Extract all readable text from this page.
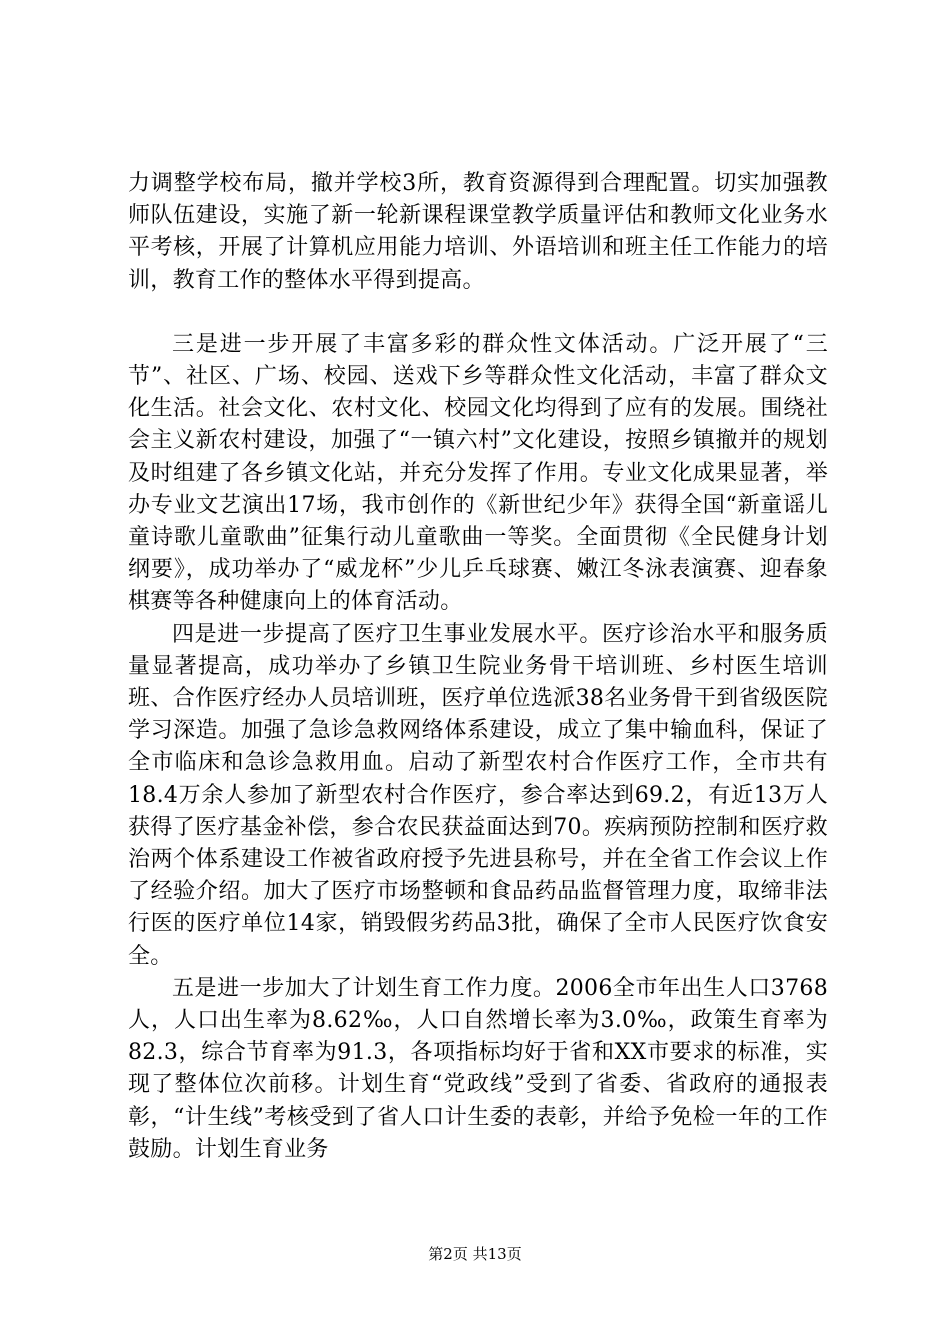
力调整学校布局，撤并学校3所，教育资源得到合理配置。切实加强教师队伍建设，实施了新一轮新课程课堂教学质量评估和教师文化业务水平考核，开展了计算机应用能力培训、外语培训和班主任工作能力的培训，教育工作的整体水平得到提高。

三是进一步开展了丰富多彩的群众性文体活动。广泛开展了“三节”、社区、广场、校园、送戏下乡等群众性文化活动，丰富了群众文化生活。社会文化、农村文化、校园文化均得到了应有的发展。围绕社会主义新农村建设，加强了“一镇六村”文化建设，按照乡镇撤并的规划及时组建了各乡镇文化站，并充分发挥了作用。专业文化成果显著，举办专业文艺演出17场，我市创作的《新世纪少年》获得全国“新童谣儿童诗歌儿童歌曲”征集行动儿童歌曲一等奖。全面贯彻《全民健身计划纲要》，成功举办了“威龙杯”少儿乒乓球赛、嫩江冬泳表演赛、迎春象棋赛等各种健康向上的体育活动。

四是进一步提高了医疗卫生事业发展水平。医疗诊治水平和服务质量显著提高，成功举办了乡镇卫生院业务骨干培训班、乡村医生培训班、合作医疗经办人员培训班，医疗单位选派38名业务骨干到省级医院学习深造。加强了急诊急救网络体系建设，成立了集中输血科，保证了全市临床和急诊急救用血。启动了新型农村合作医疗工作，全市共有18.4万余人参加了新型农村合作医疗，参合率达到69.2，有近13万人获得了医疗基金补偿，参合农民获益面达到70。疾病预防控制和医疗救治两个体系建设工作被省政府授予先进县称号，并在全省工作会议上作了经验介绍。加大了医疗市场整顿和食品药品监督管理力度，取缔非法行医的医疗单位14家，销毁假劣药品3批，确保了全市人民医疗饮食安全。

五是进一步加大了计划生育工作力度。2006全市年出生人口3768人，人口出生率为8.62‰，人口自然增长率为3.0‰，政策生育率为82.3，综合节育率为91.3，各项指标均好于省和XX市要求的标准，实现了整体位次前移。计划生育“党政线”受到了省委、省政府的通报表彰，“计生线”考核受到了省人口计生委的表彰，并给予免检一年的工作鼓励。计划生育业务

第2页 共13页
